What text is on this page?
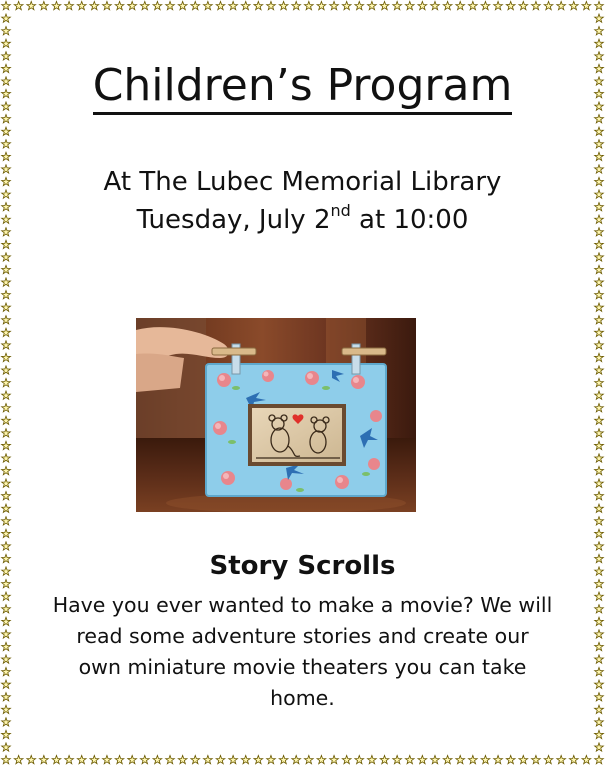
Children’s Program
At The Lubec Memorial Library
Tuesday, July 2nd at 10:00
Story Scrolls
Have you ever wanted to make a movie? We will read some adventure stories and create our own miniature movie theaters you can take home.
